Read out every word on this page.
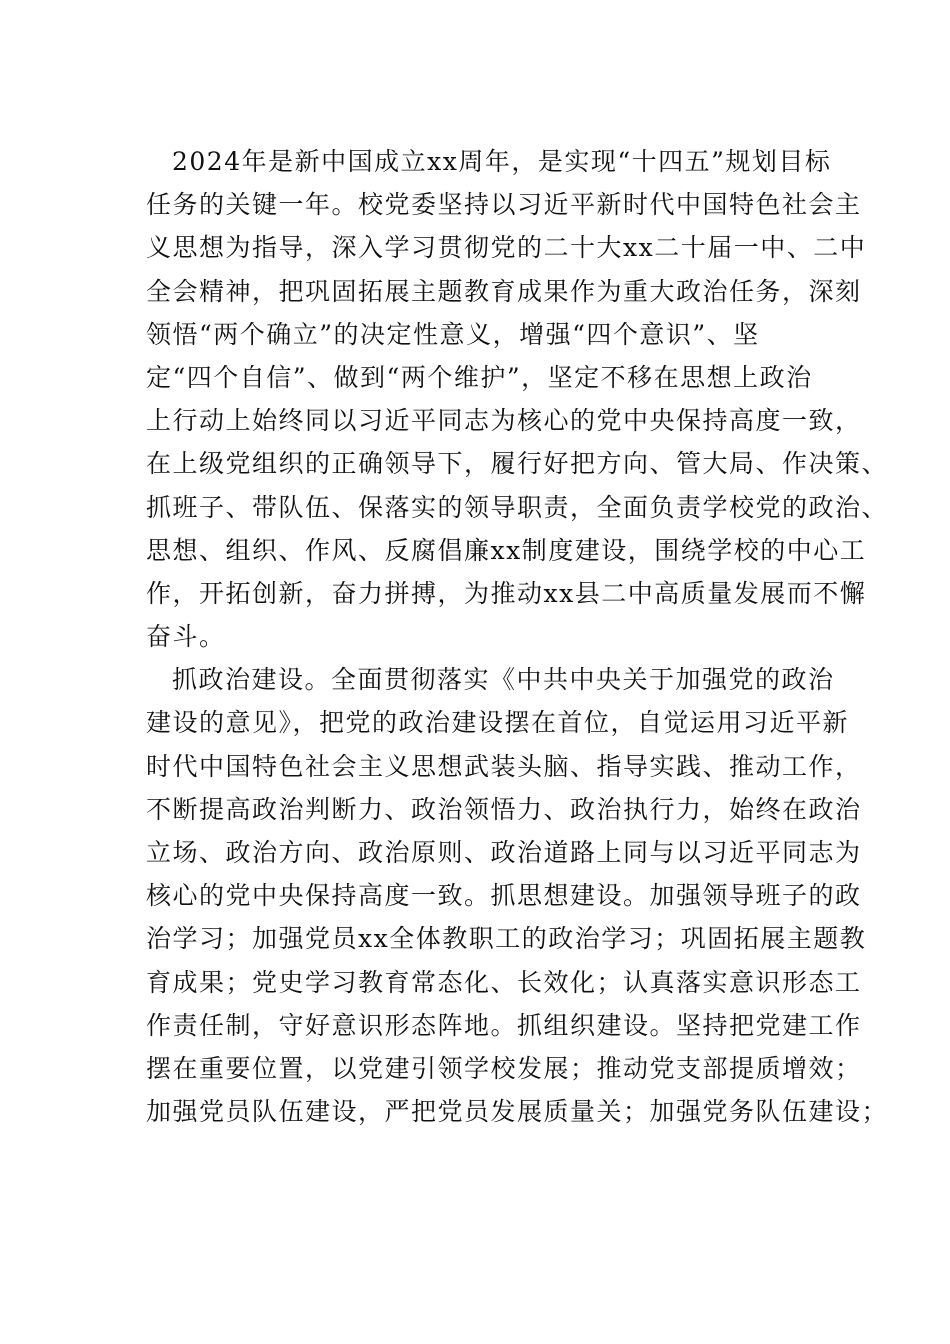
2024年是新中国成立xx周年，是实现“十四五”规划目标
任务的关键一年。校党委坚持以习近平新时代中国特色社会主
义思想为指导，深入学习贯彻党的二十大xx二十届一中、二中
全会精神，把巩固拓展主题教育成果作为重大政治任务，深刻
领悟“两个确立”的决定性意义，增强“四个意识”、坚
定“四个自信”、做到“两个维护”，坚定不移在思想上政治
上行动上始终同以习近平同志为核心的党中央保持高度一致，
在上级党组织的正确领导下，履行好把方向、管大局、作决策、
抓班子、带队伍、保落实的领导职责，全面负责学校党的政治、
思想、组织、作风、反腐倡廉xx制度建设，围绕学校的中心工
作，开拓创新，奋力拼搏，为推动xx县二中高质量发展而不懈
奋斗。
抓政治建设。全面贯彻落实《中共中央关于加强党的政治
建设的意见》，把党的政治建设摆在首位，自觉运用习近平新
时代中国特色社会主义思想武装头脑、指导实践、推动工作，
不断提高政治判断力、政治领悟力、政治执行力，始终在政治
立场、政治方向、政治原则、政治道路上同与以习近平同志为
核心的党中央保持高度一致。抓思想建设。加强领导班子的政
治学习；加强党员xx全体教职工的政治学习；巩固拓展主题教
育成果；党史学习教育常态化、长效化；认真落实意识形态工
作责任制，守好意识形态阵地。抓组织建设。坚持把党建工作
摆在重要位置，以党建引领学校发展；推动党支部提质增效；
加强党员队伍建设，严把党员发展质量关；加强党务队伍建设；
